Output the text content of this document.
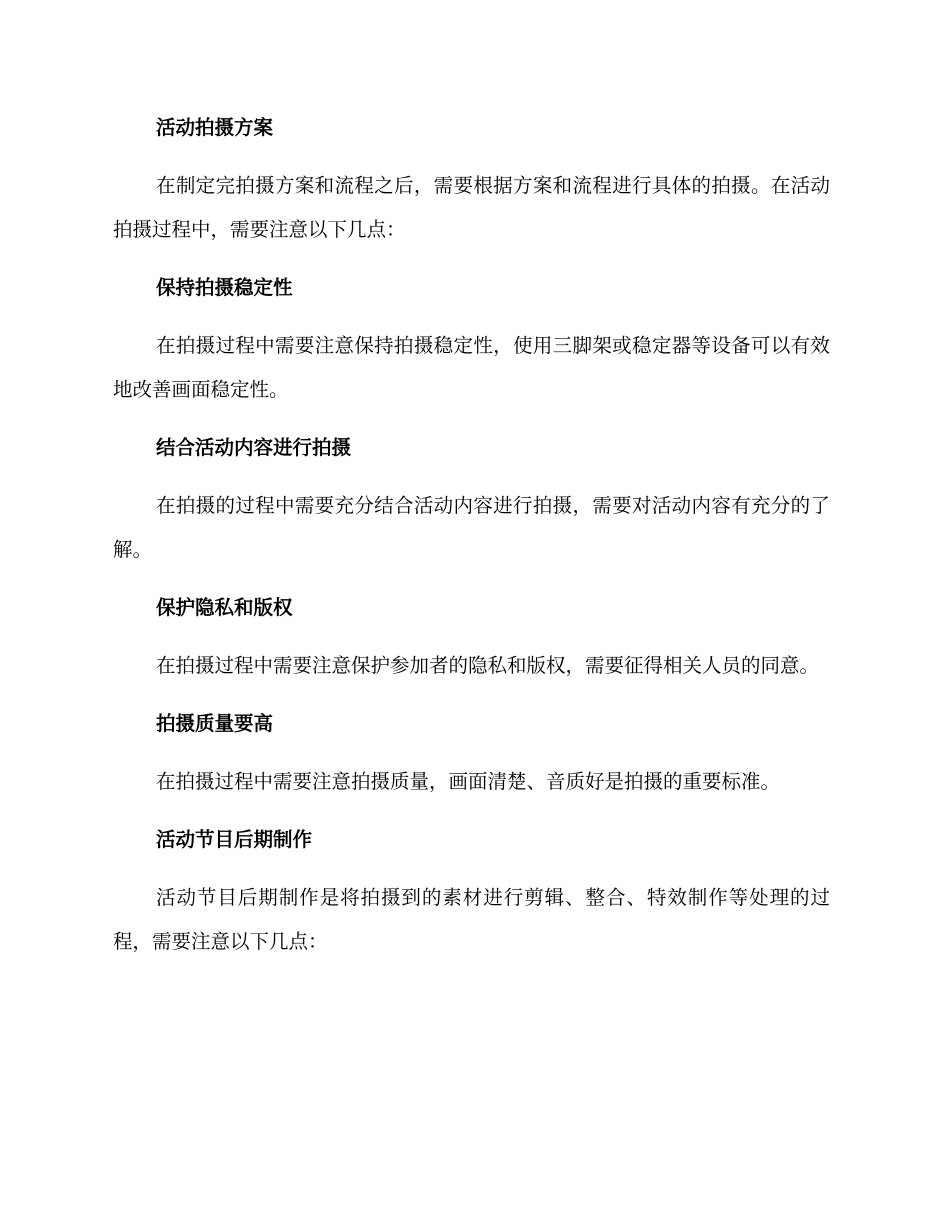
活动拍摄方案

在制定完拍摄方案和流程之后，需要根据方案和流程进行具体的拍摄。在活动拍摄过程中，需要注意以下几点：

保持拍摄稳定性

在拍摄过程中需要注意保持拍摄稳定性，使用三脚架或稳定器等设备可以有效地改善画面稳定性。

结合活动内容进行拍摄

在拍摄的过程中需要充分结合活动内容进行拍摄，需要对活动内容有充分的了解。

保护隐私和版权

在拍摄过程中需要注意保护参加者的隐私和版权，需要征得相关人员的同意。

拍摄质量要高

在拍摄过程中需要注意拍摄质量，画面清楚、音质好是拍摄的重要标准。

活动节目后期制作

活动节目后期制作是将拍摄到的素材进行剪辑、整合、特效制作等处理的过程，需要注意以下几点：
